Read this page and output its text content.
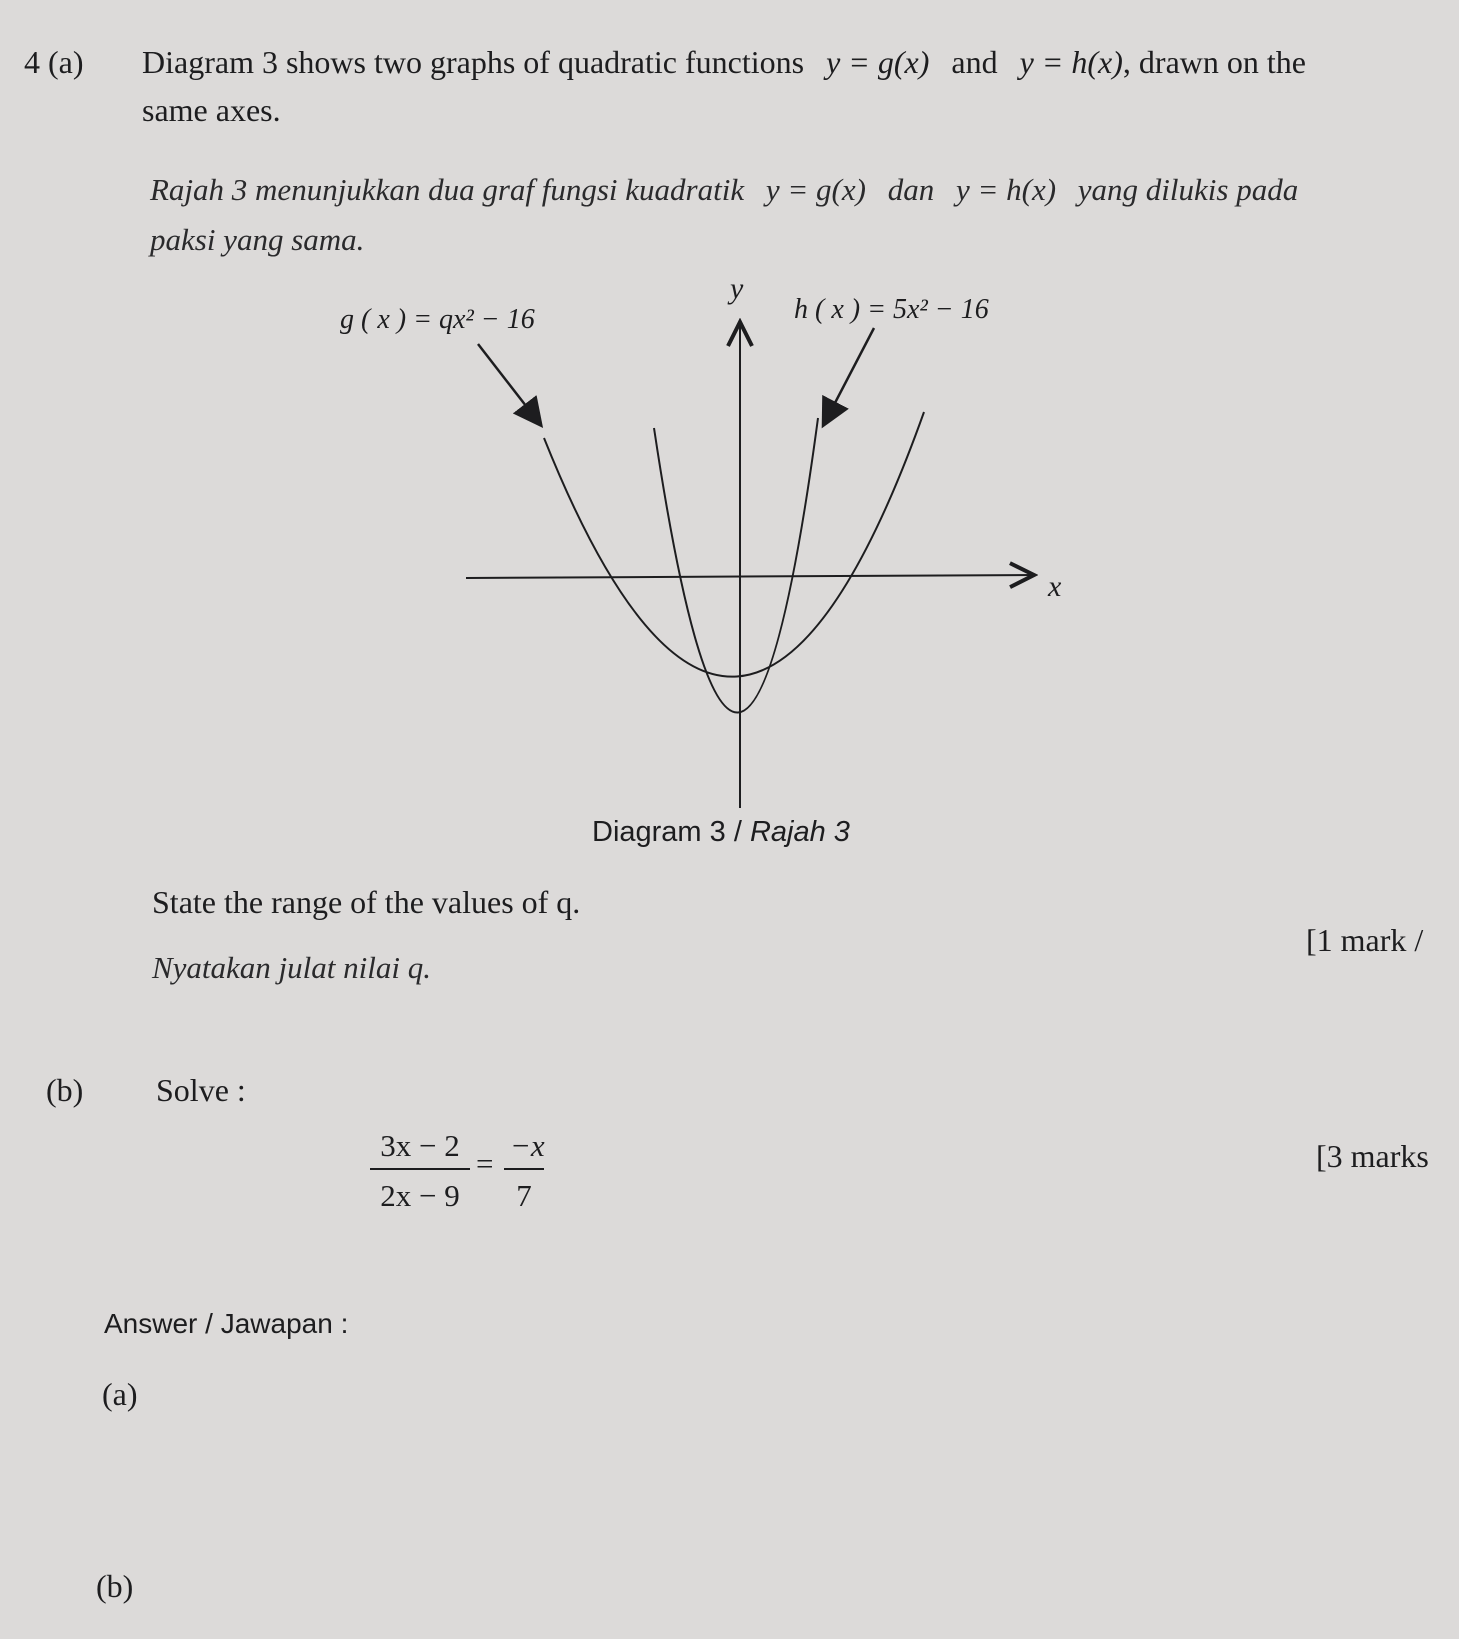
4 (a) Diagram 3 shows two graphs of quadratic functions y = g(x) and y = h(x), drawn on the
same axes.
Rajah 3 menunjukkan dua graf fungsi kuadratik y = g(x) dan y = h(x) yang dilukis pada
paksi yang sama.
g ( x ) = qx² − 16	h ( x ) = 5x² − 16
y
x
Diagram 3 / Rajah 3
State the range of the values of q.
Nyatakan julat nilai q.
[1 mark /
(b) Solve :
$\frac{3x - 2}{2x - 9} = \frac{-x}{7}$	[3 marks
Answer / Jawapan :
(a)
(b)
